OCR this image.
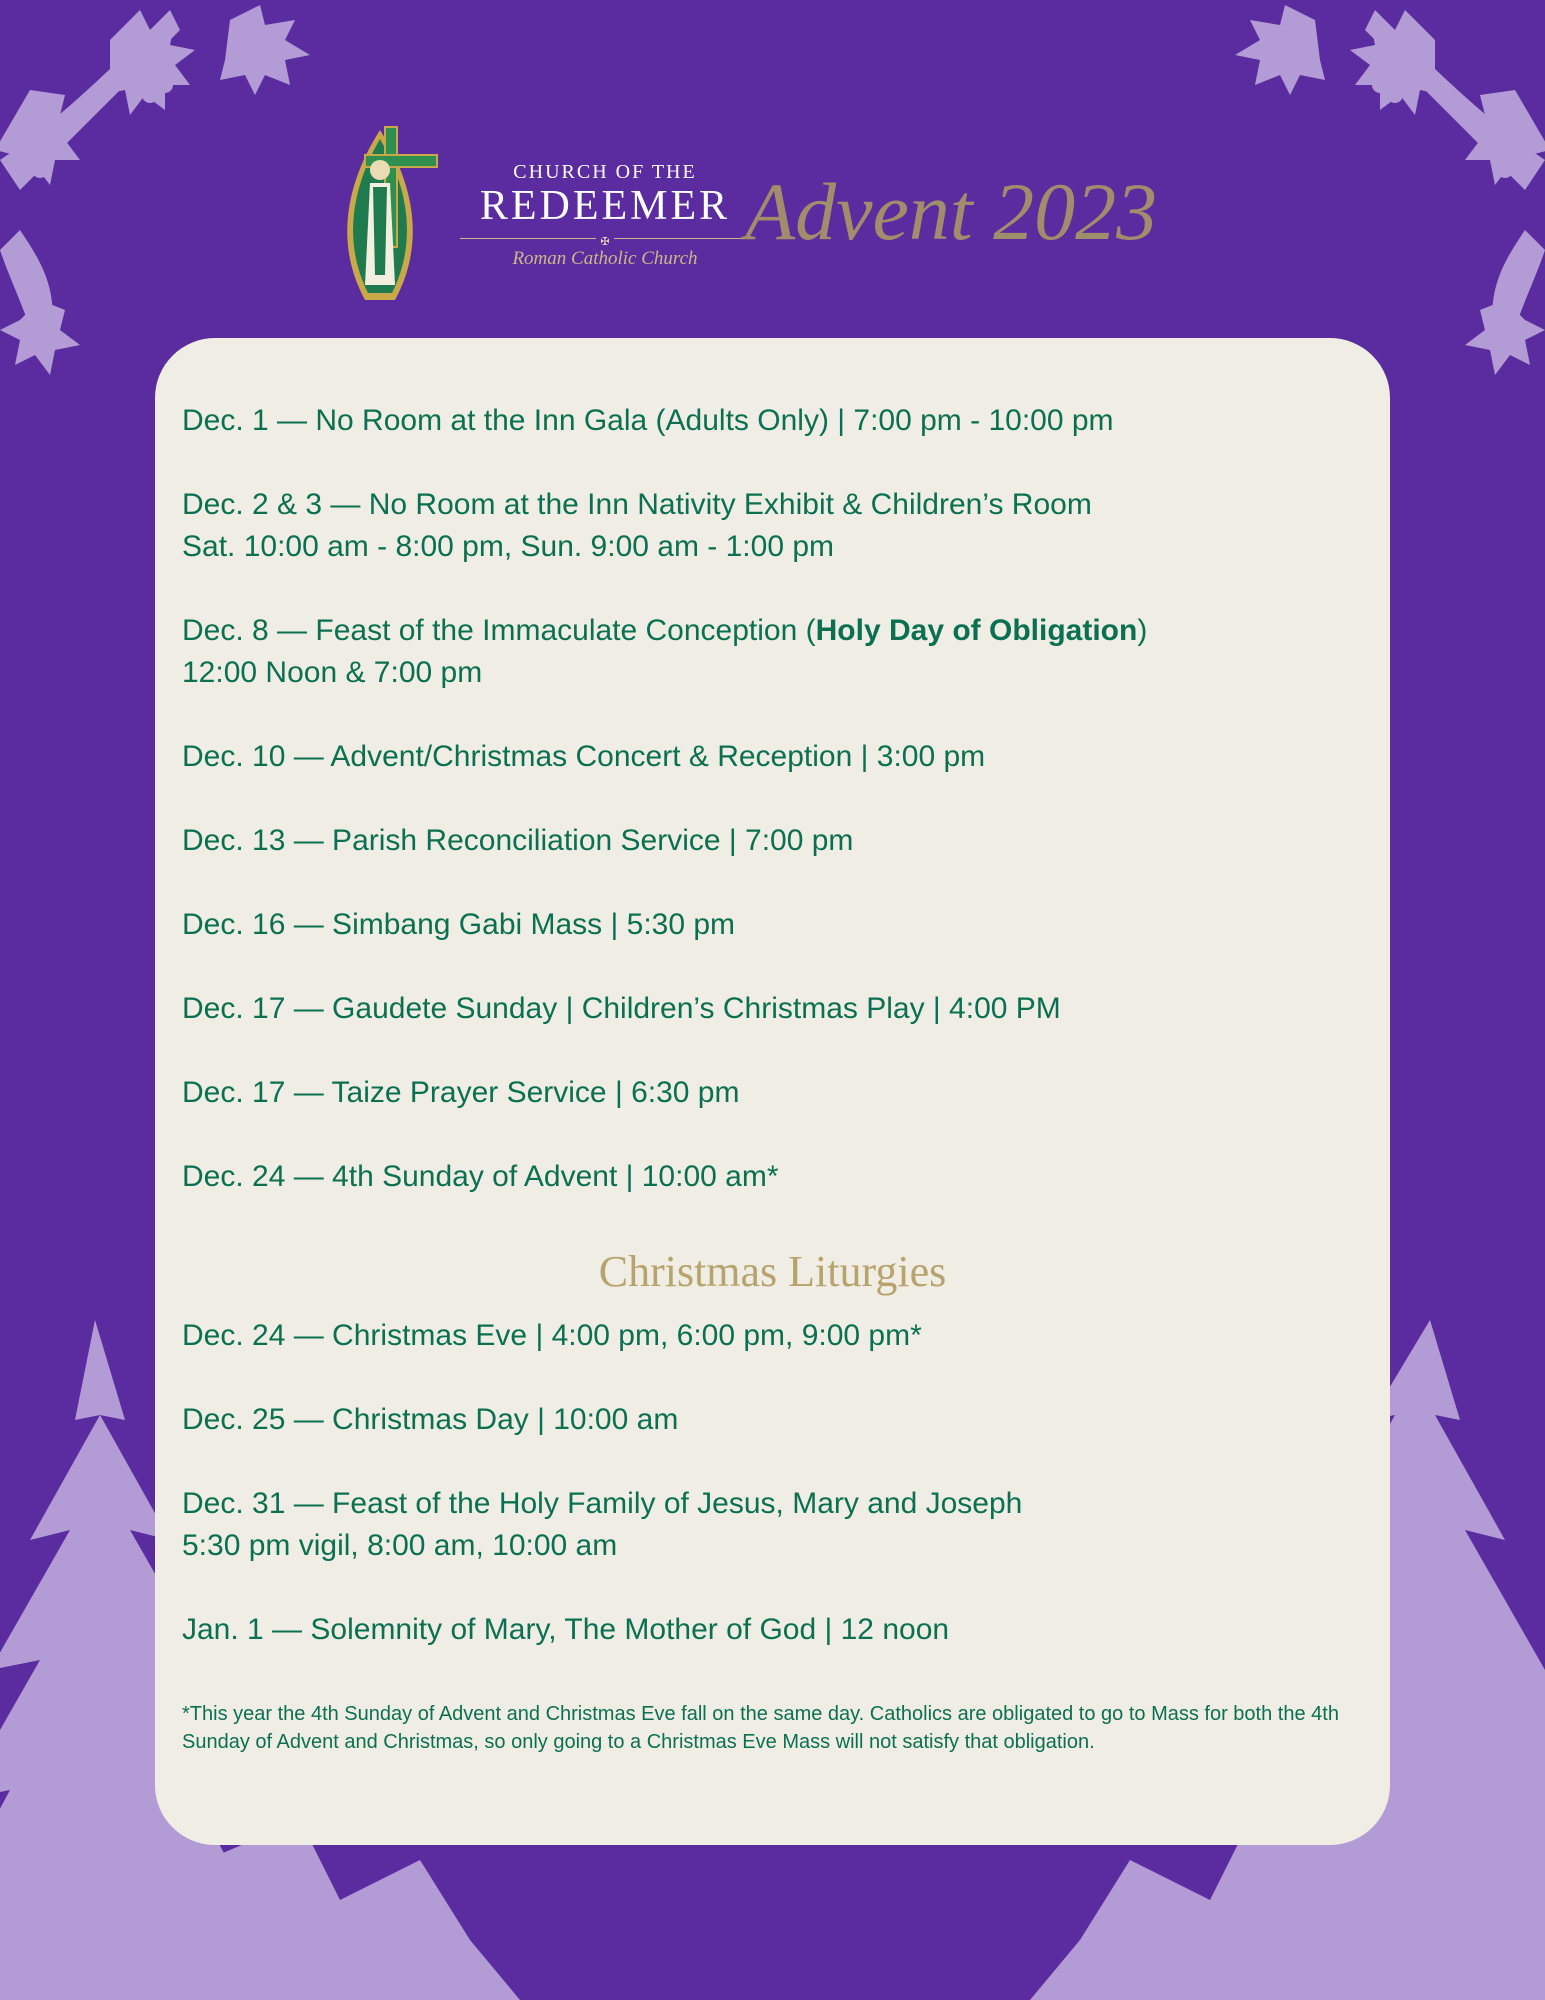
CHURCH OF THE
REDEEMER
✠
Roman Catholic Church
Advent 2023
Dec. 1 — No Room at the Inn Gala (Adults Only) | 7:00 pm - 10:00 pm
Dec. 2 & 3 — No Room at the Inn Nativity Exhibit & Children’s Room
Sat. 10:00 am - 8:00 pm, Sun. 9:00 am - 1:00 pm
Dec. 8 — Feast of the Immaculate Conception (Holy Day of Obligation)
12:00 Noon & 7:00 pm
Dec. 10 — Advent/Christmas Concert & Reception | 3:00 pm
Dec. 13 — Parish Reconciliation Service | 7:00 pm
Dec. 16 — Simbang Gabi Mass | 5:30 pm
Dec. 17 — Gaudete Sunday | Children’s Christmas Play | 4:00 PM
Dec. 17 — Taize Prayer Service | 6:30 pm
Dec. 24 — 4th Sunday of Advent | 10:00 am*
Christmas Liturgies
Dec. 24 — Christmas Eve | 4:00 pm, 6:00 pm, 9:00 pm*
Dec. 25 — Christmas Day | 10:00 am
Dec. 31 — Feast of the Holy Family of Jesus, Mary and Joseph
5:30 pm vigil, 8:00 am, 10:00 am
Jan. 1 — Solemnity of Mary, The Mother of God | 12 noon
*This year the 4th Sunday of Advent and Christmas Eve fall on the same day. Catholics are obligated to go to Mass for both the 4th Sunday of Advent and Christmas, so only going to a Christmas Eve Mass will not satisfy that obligation.
